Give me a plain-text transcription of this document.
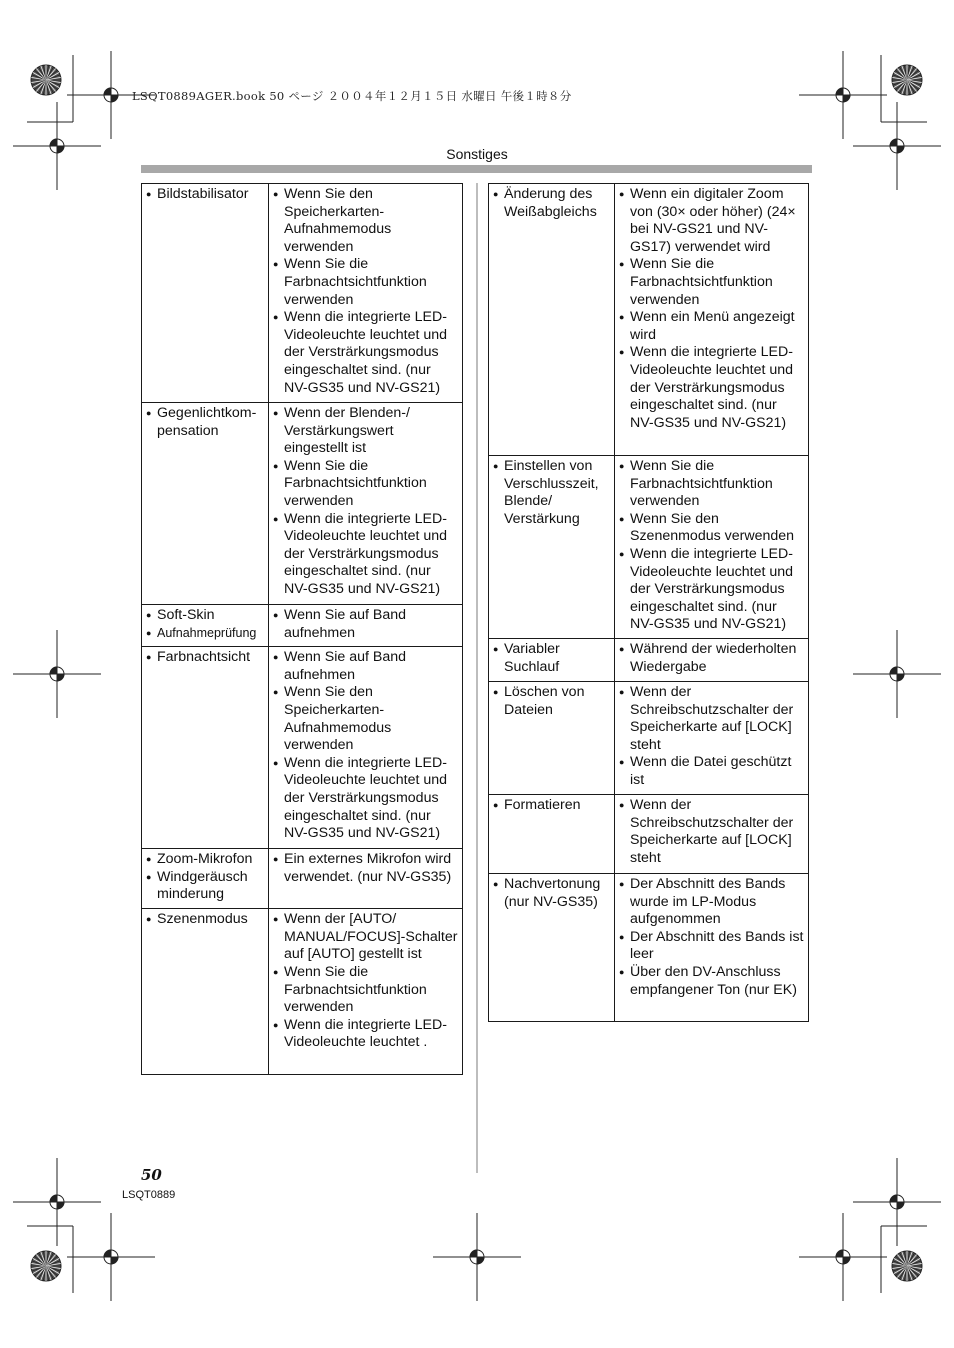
LSQT0889AGER.book 50 ページ ２００４年１２月１５日 水曜日 午後１時８分
Sonstiges
● Bildstabilisator	● Wenn Sie den Speicherkarten-Aufnahmemodus verwenden
● Wenn Sie die Farbnachtsichtfunktion verwenden
● Wenn die integrierte LED-Videoleuchte leuchtet und der Versträrkungsmodus eingeschaltet sind. (nur NV-GS35 und NV-GS21)

● Gegenlichtkom-pensation	● Wenn der Blenden-/ Verstärkungswert eingestellt ist
● Wenn Sie die Farbnachtsichtfunktion verwenden
● Wenn die integrierte LED-Videoleuchte leuchtet und der Versträrkungsmodus eingeschaltet sind. (nur NV-GS35 und NV-GS21)

● Soft-Skin
● Aufnahmeprüfung	● Wenn Sie auf Band aufnehmen

● Farbnachtsicht	● Wenn Sie auf Band aufnehmen
● Wenn Sie den Speicherkarten-Aufnahmemodus verwenden
● Wenn die integrierte LED-Videoleuchte leuchtet und der Versträrkungsmodus eingeschaltet sind. (nur NV-GS35 und NV-GS21)

● Zoom-Mikrofon
● Windgeräusch minderung	● Ein externes Mikrofon wird verwendet. (nur NV-GS35)

● Szenenmodus	● Wenn der [AUTO/ MANUAL/FOCUS]-Schalter auf [AUTO] gestellt ist
● Wenn Sie die Farbnachtsichtfunktion verwenden
● Wenn die integrierte LED-Videoleuchte leuchtet .
● Änderung des Weißabgleichs	● Wenn ein digitaler Zoom von (30× oder höher) (24× bei NV-GS21 und NV-GS17) verwendet wird
● Wenn Sie die Farbnachtsichtfunktion verwenden
● Wenn ein Menü angezeigt wird
● Wenn die integrierte LED-Videoleuchte leuchtet und der Versträrkungsmodus eingeschaltet sind. (nur NV-GS35 und NV-GS21)

● Einstellen von Verschlusszeit, Blende/ Verstärkung	● Wenn Sie die Farbnachtsichtfunktion verwenden
● Wenn Sie den Szenenmodus verwenden
● Wenn die integrierte LED-Videoleuchte leuchtet und der Versträrkungsmodus eingeschaltet sind. (nur NV-GS35 und NV-GS21)

● Variabler Suchlauf	● Während der wiederholten Wiedergabe

● Löschen von Dateien	● Wenn der Schreibschutzschalter der Speicherkarte auf [LOCK] steht
● Wenn die Datei geschützt ist

● Formatieren	● Wenn der Schreibschutzschalter der Speicherkarte auf [LOCK] steht

● Nachvertonung (nur NV-GS35)	● Der Abschnitt des Bands wurde im LP-Modus aufgenommen
● Der Abschnitt des Bands ist leer
● Über den DV-Anschluss empfangener Ton (nur EK)
50
LSQT0889
